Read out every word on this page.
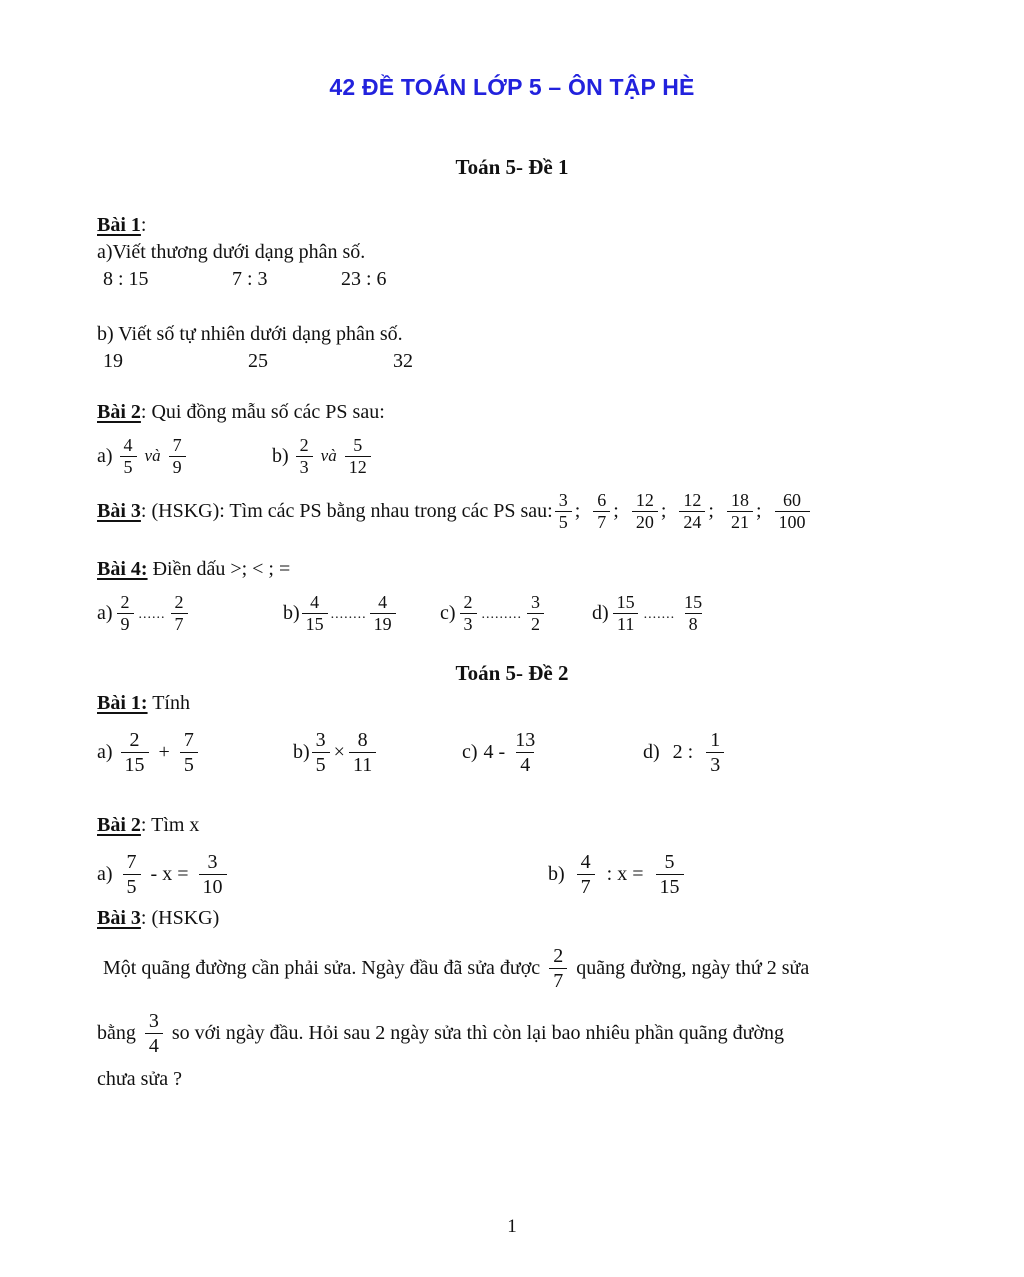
42 ĐỀ TOÁN LỚP 5 – ÔN TẬP HÈ
Toán 5- Đề 1
Bài 1:
a)Viết thương dưới dạng phân số.
8 : 15	7 : 3	23 : 6
b) Viết số tự nhiên dưới dạng phân số.
19	25	32
Bài 2: Qui đồng mẫu số các PS sau:
$a) \frac{4}{5}$ và $\frac{7}{9}$	$b) \frac{2}{3}$ và $\frac{5}{12}$
Bài 3: (HSKG): Tìm các PS bằng nhau trong các PS sau: $\frac{3}{5}$ ; $\frac{6}{7}$ ; $\frac{12}{20}$ ; $\frac{12}{24}$ ; $\frac{18}{21}$ ; $\frac{60}{100}$
Bài 4: Điền dấu >; < ; =
$a) \frac{2}{9}$ ...... $\frac{2}{7}$	$b) \frac{4}{15}$ ........ $\frac{4}{19} c) \frac{2}{3}$ ......... $\frac{3}{2} d) \frac{15}{11}$ ....... $\frac{15}{8}$
Toán 5- Đề 2
Bài 1: Tính
$a) \frac{2}{15} + \frac{7}{5}$	$b) \frac{3}{5} \times \frac{8}{11}$	c) $4 - \frac{13}{4}$	d) 2 : $\frac{1}{3}$
Bài 2: Tìm x
$a) \frac{7}{5} - x = \frac{3}{10}$	$b) \frac{4}{7}$ : $x = \frac{5}{15}$
Bài 3: (HSKG)
Một quãng đường cần phải sửa. Ngày đầu đã sửa được $\frac{2}{7}$ quãng đường, ngày thứ 2 sửa
bằng $\frac{3}{4}$ so với ngày đầu. Hỏi sau 2 ngày sửa thì còn lại bao nhiêu phần quãng đường
chưa sửa ?
1
